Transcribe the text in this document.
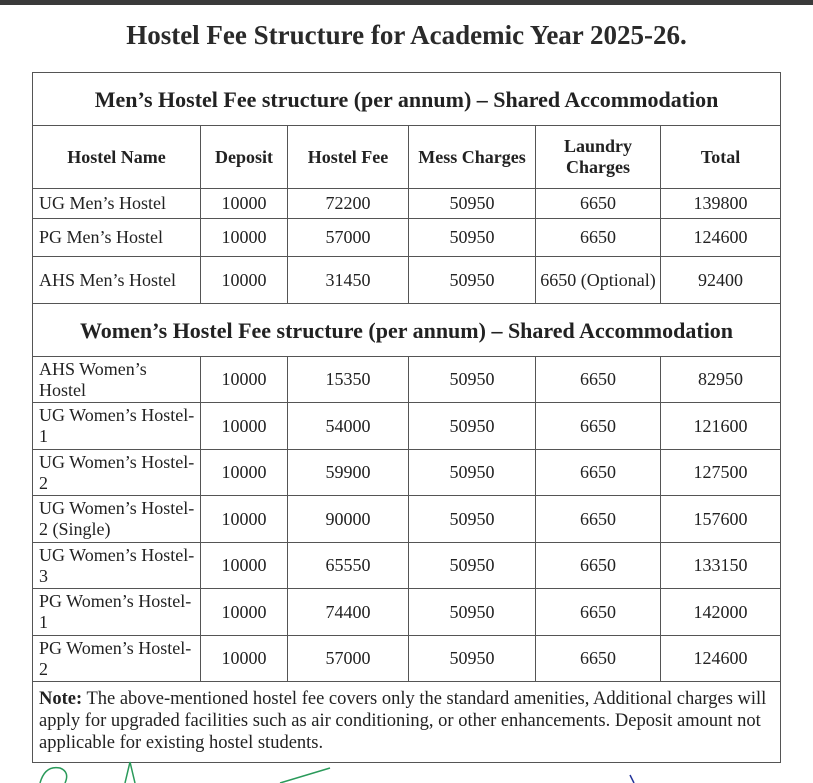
Hostel Fee Structure for Academic Year 2025-26.
Men’s Hostel Fee structure (per annum) – Shared Accommodation					
Hostel Name	Deposit	Hostel Fee	Mess Charges	Laundry Charges	Total
UG Men’s Hostel	10000	72200	50950	6650	139800
PG Men’s Hostel	10000	57000	50950	6650	124600
AHS Men’s Hostel	10000	31450	50950	6650 (Optional)	92400
Women’s Hostel Fee structure (per annum) – Shared Accommodation					
AHS Women’s Hostel	10000	15350	50950	6650	82950
UG Women’s Hostel-1	10000	54000	50950	6650	121600
UG Women’s Hostel-2	10000	59900	50950	6650	127500
UG Women’s Hostel-2 (Single)	10000	90000	50950	6650	157600
UG Women’s Hostel-3	10000	65550	50950	6650	133150
PG Women’s Hostel-1	10000	74400	50950	6650	142000
PG Women’s Hostel-2	10000	57000	50950	6650	124600
Note: The above-mentioned hostel fee covers only the standard amenities, Additional charges will apply for upgraded facilities such as air conditioning, or other enhancements. Deposit amount not applicable for existing hostel students.					
